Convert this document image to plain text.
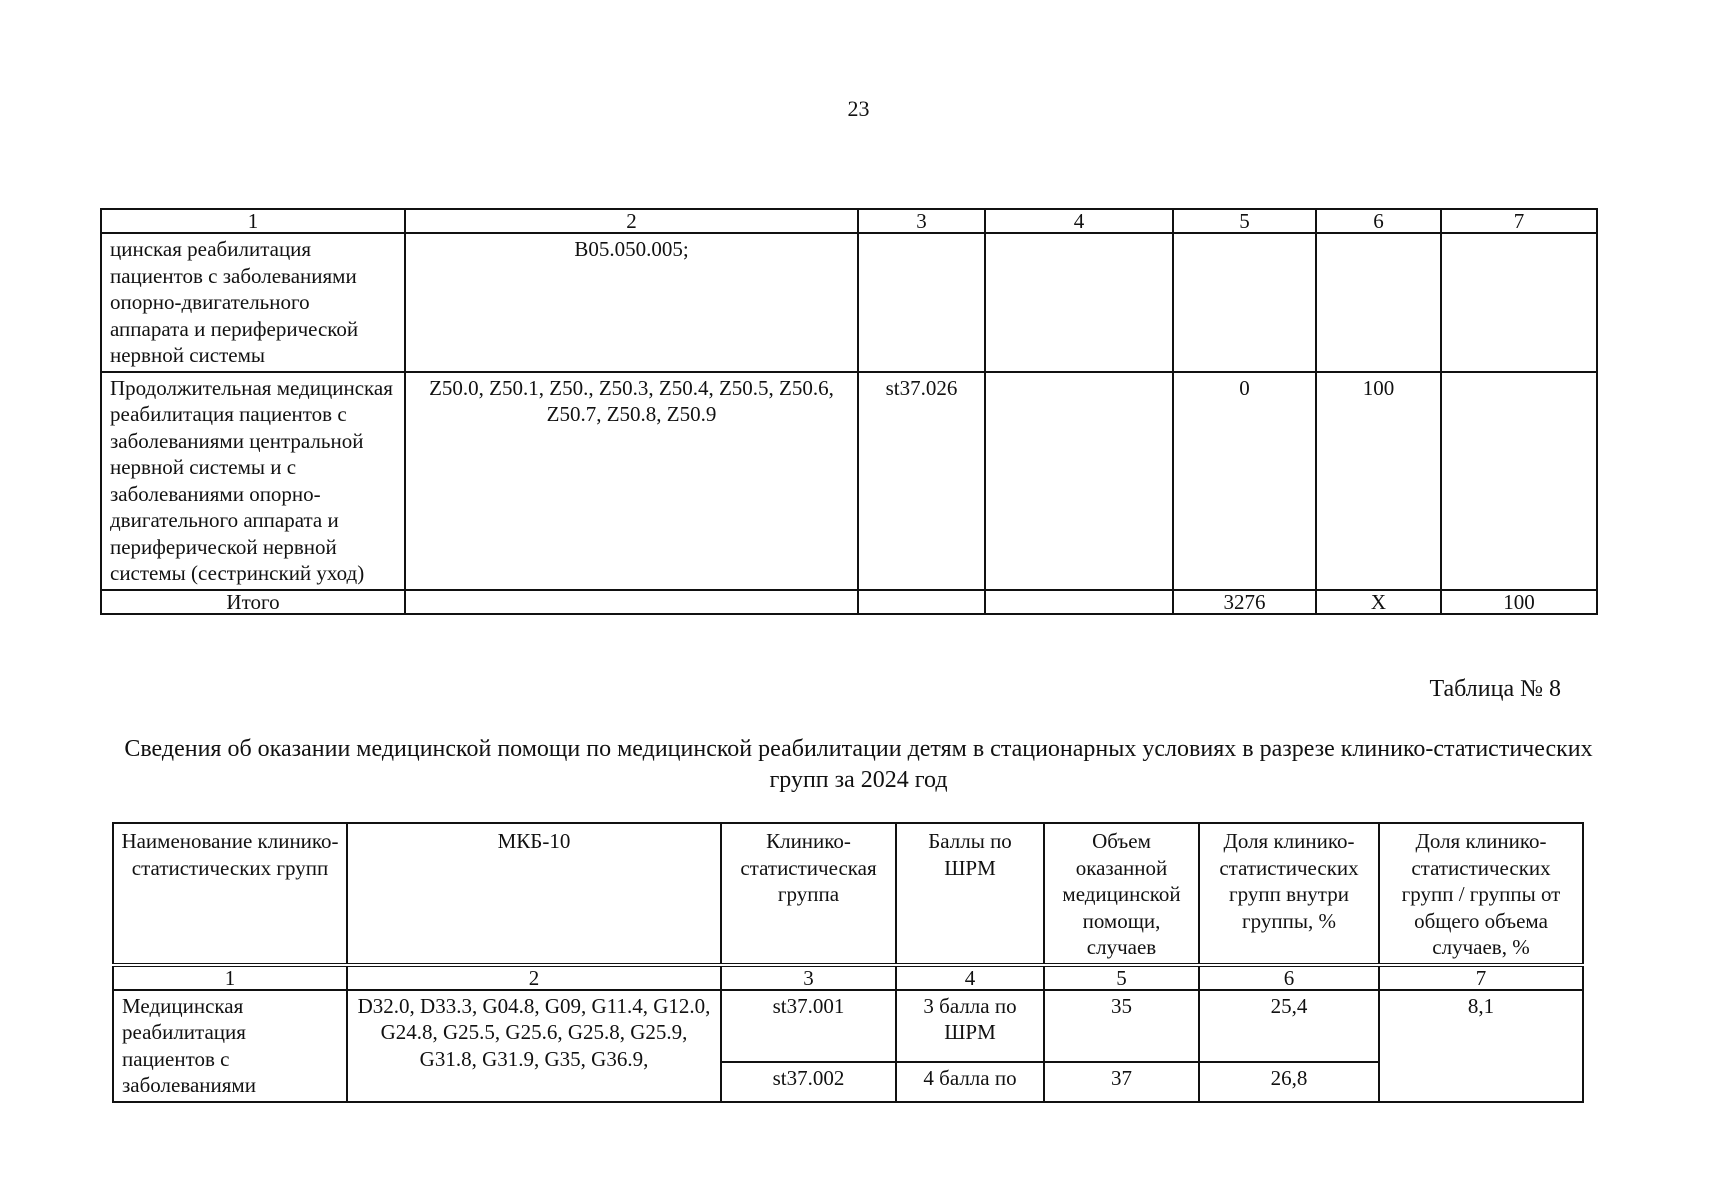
23
1	2	3	4	5	6	7

цинская реабилитация пациентов с заболеваниями опорно-двигательного аппарата и периферической нервной системы	B05.050.005;					

Продолжительная медицинская реабилитация пациентов с заболеваниями центральной нервной системы и с заболеваниями опорно-двигательного аппарата и периферической нервной системы (сестринский уход)	Z50.0, Z50.1, Z50., Z50.3, Z50.4, Z50.5, Z50.6, Z50.7, Z50.8, Z50.9	st37.026		0	100	
Итого				3276	Х	100
Таблица № 8
Сведения об оказании медицинской помощи по медицинской реабилитации детям в стационарных условиях в разрезе клинико-статистических групп за 2024 год
Наименование клинико-статистических групп	МКБ-10	Клинико-статистическая группа	Баллы по ШРМ	Объем оказанной медицинской помощи, случаев	Доля клинико-статистических групп внутри группы, %	Доля клинико-статистических групп / группы от общего объема случаев, %
1	2	3	4	5	6	7
Медицинская реабилитация пациентов с заболеваниями	D32.0, D33.3, G04.8, G09, G11.4, G12.0, G24.8, G25.5, G25.6, G25.8, G25.9, G31.8, G31.9, G35, G36.9,	st37.001	3 балла по ШРМ	35	25,4	8,1
		st37.002	4 балла по	37	26,8	
